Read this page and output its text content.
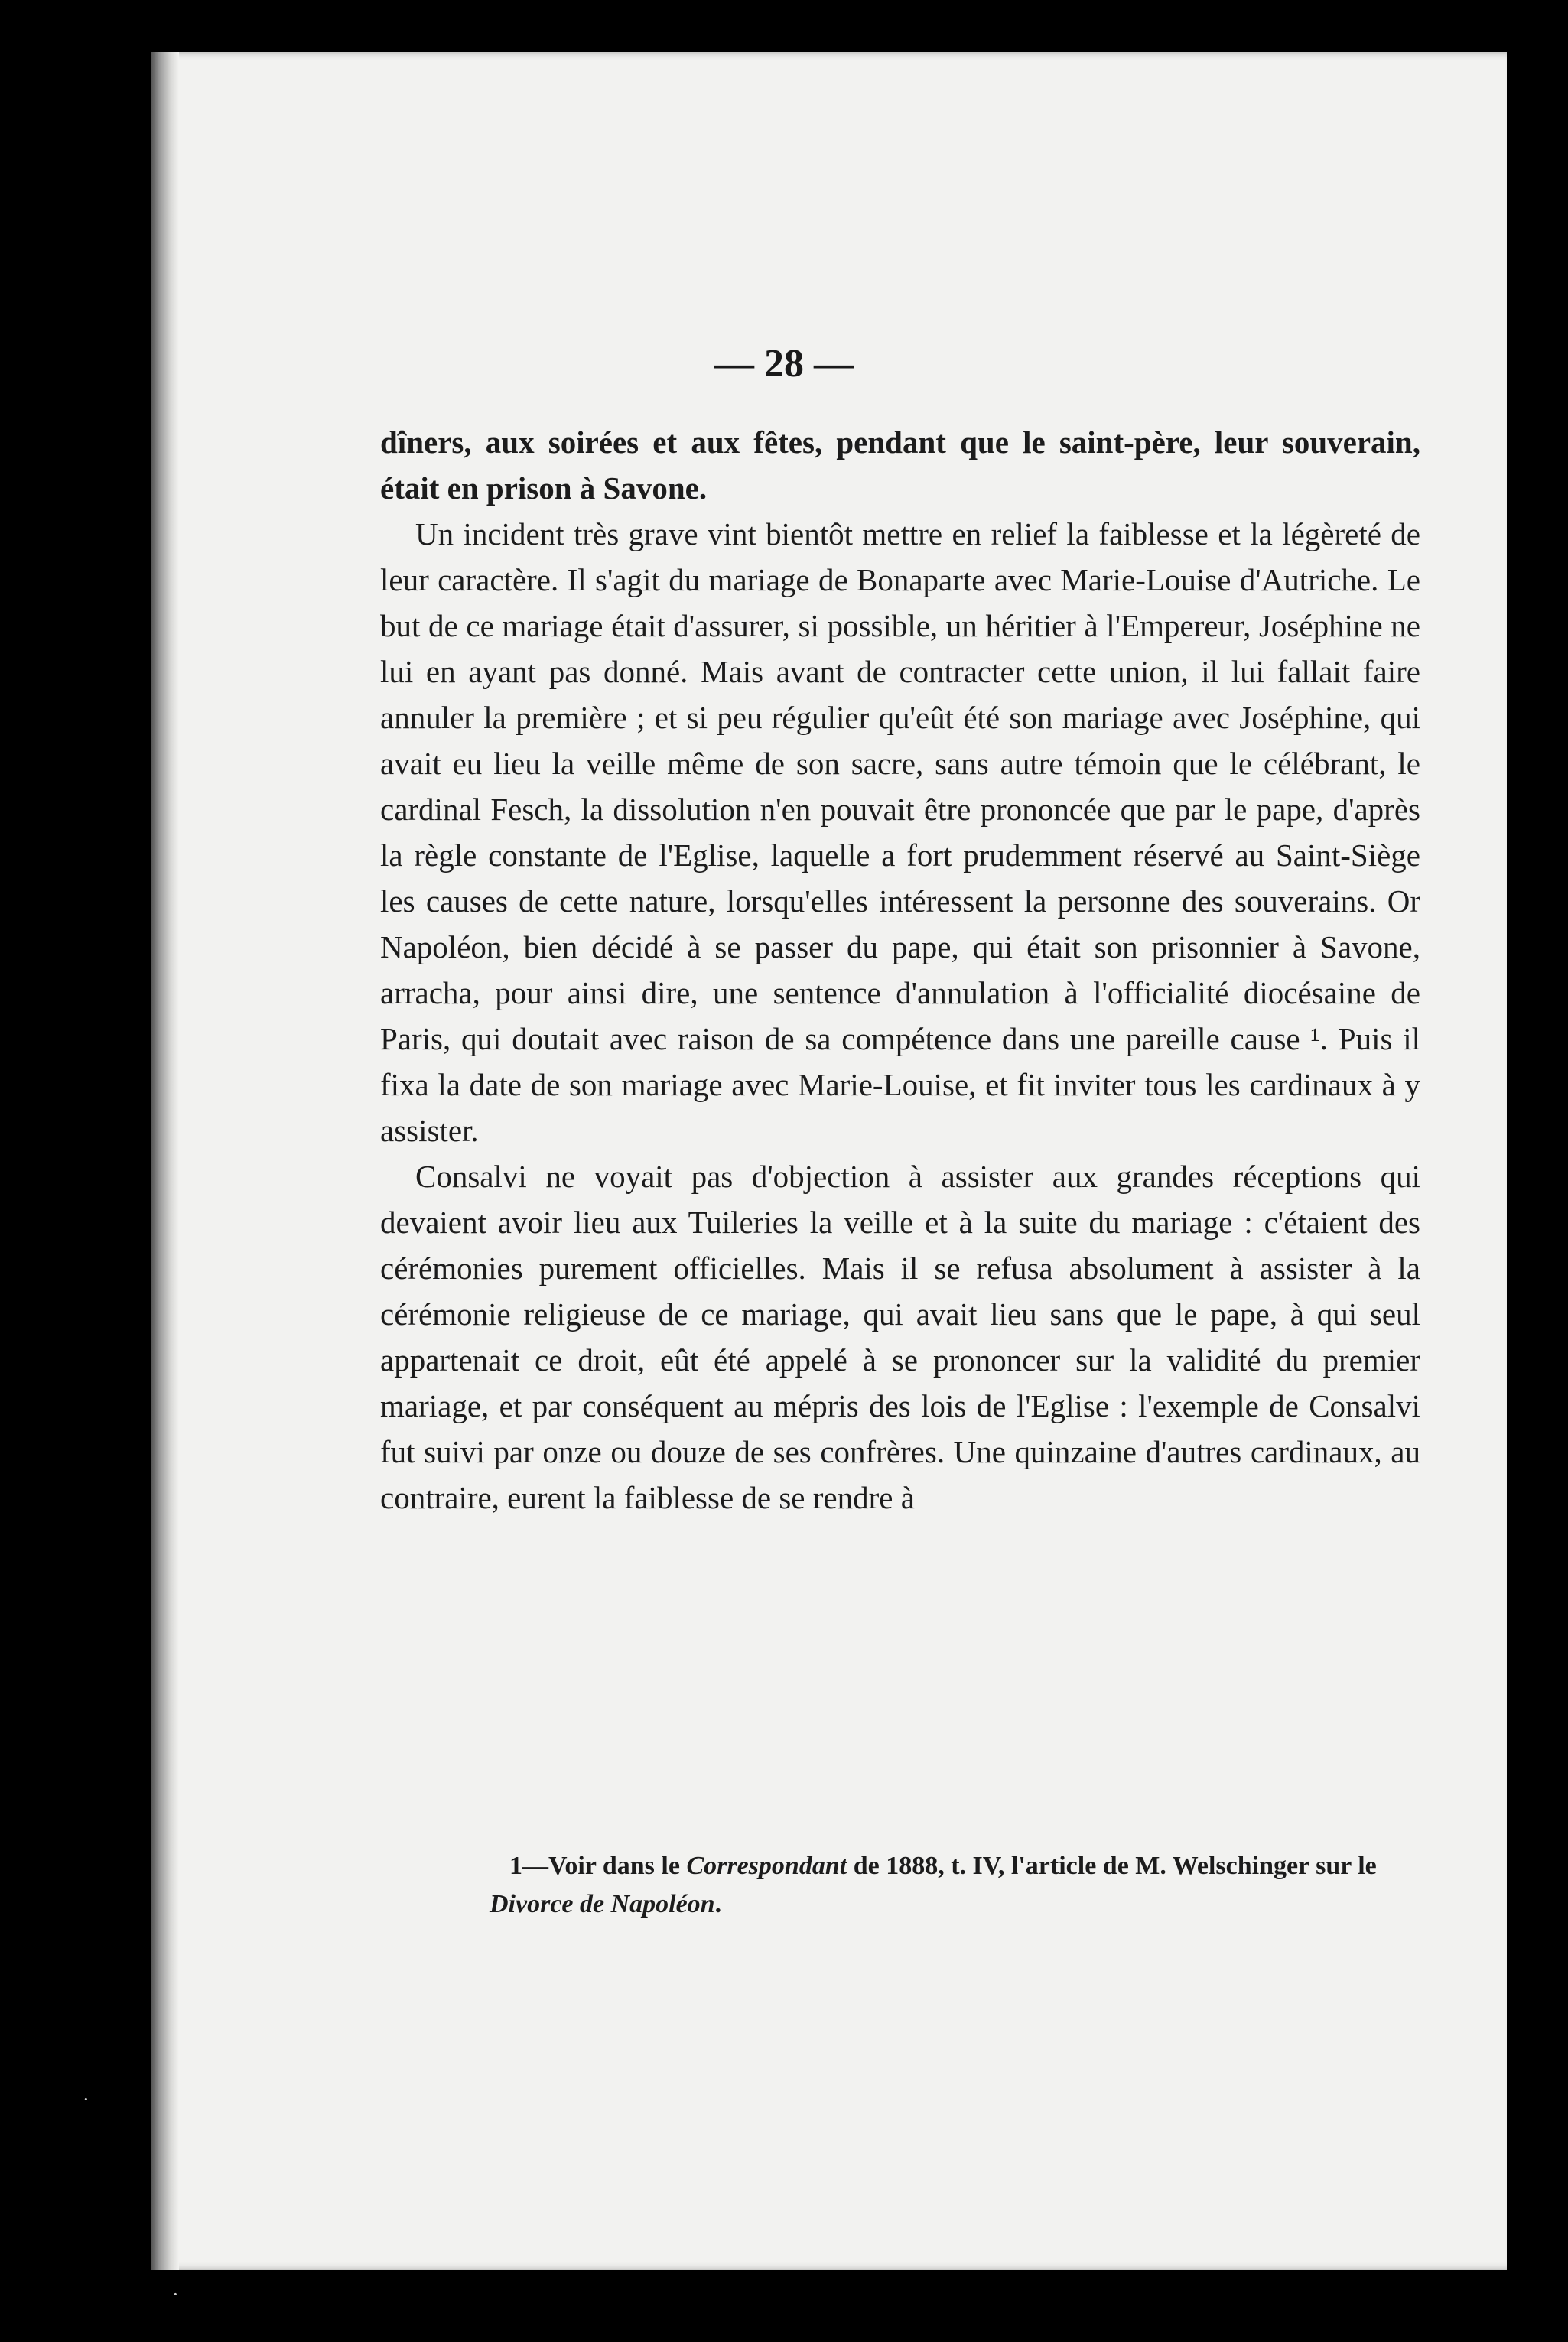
— 28 —

dîners, aux soirées et aux fêtes, pendant que le saint-père, leur souverain, était en prison à Savone.

Un incident très grave vint bientôt mettre en relief la faiblesse et la légèreté de leur caractère. Il s'agit du mariage de Bonaparte avec Marie-Louise d'Autriche. Le but de ce mariage était d'assurer, si possible, un héritier à l'Empereur, Joséphine ne lui en ayant pas donné. Mais avant de contracter cette union, il lui fallait faire annuler la première ; et si peu régulier qu'eût été son mariage avec Joséphine, qui avait eu lieu la veille même de son sacre, sans autre témoin que le célébrant, le cardinal Fesch, la dissolution n'en pouvait être prononcée que par le pape, d'après la règle constante de l'Eglise, laquelle a fort prudemment réservé au Saint-Siège les causes de cette nature, lorsqu'elles intéressent la personne des souverains. Or Napoléon, bien décidé à se passer du pape, qui était son prisonnier à Savone, arracha, pour ainsi dire, une sentence d'annulation à l'officialité diocésaine de Paris, qui doutait avec raison de sa compétence dans une pareille cause ¹. Puis il fixa la date de son mariage avec Marie-Louise, et fit inviter tous les cardinaux à y assister.

Consalvi ne voyait pas d'objection à assister aux grandes réceptions qui devaient avoir lieu aux Tuileries la veille et à la suite du mariage : c'étaient des cérémonies purement officielles. Mais il se refusa absolument à assister à la cérémonie religieuse de ce mariage, qui avait lieu sans que le pape, à qui seul appartenait ce droit, eût été appelé à se prononcer sur la validité du premier mariage, et par conséquent au mépris des lois de l'Eglise : l'exemple de Consalvi fut suivi par onze ou douze de ses confrères. Une quinzaine d'autres cardinaux, au contraire, eurent la faiblesse de se rendre à

1—Voir dans le Correspondant de 1888, t. IV, l'article de M. Welschinger sur le Divorce de Napoléon.
·
·
